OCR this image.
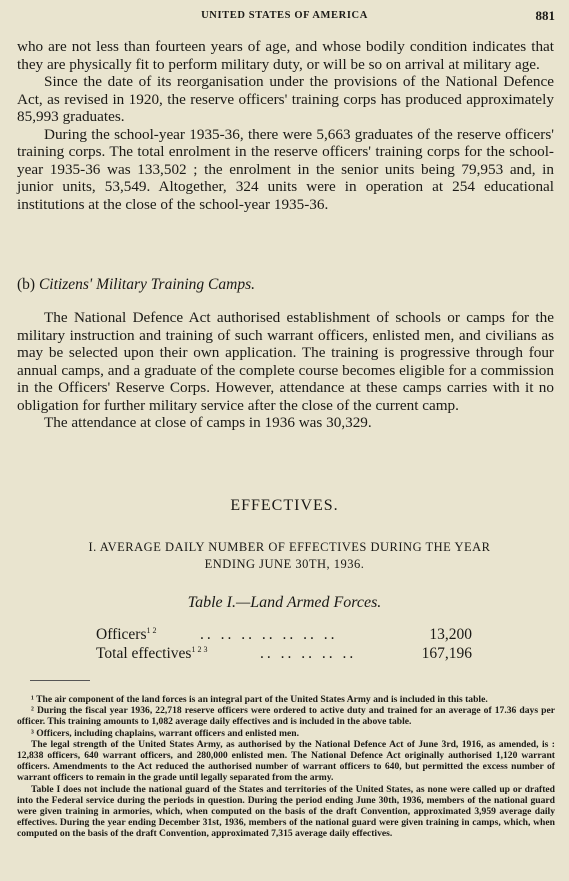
UNITED STATES OF AMERICA	881

who are not less than fourteen years of age, and whose bodily condition indicates that they are physically fit to perform military duty, or will be so on arrival at military age.

Since the date of its reorganisation under the provisions of the National Defence Act, as revised in 1920, the reserve officers' training corps has produced approximately 85,993 graduates.

During the school-year 1935-36, there were 5,663 graduates of the reserve officers' training corps. The total enrolment in the reserve officers' training corps for the school-year 1935-36 was 133,502 ; the enrolment in the senior units being 79,953 and, in junior units, 53,549. Altogether, 324 units were in operation at 254 educational institutions at the close of the school-year 1935-36.

(b) Citizens' Military Training Camps.

The National Defence Act authorised establishment of schools or camps for the military instruction and training of such warrant officers, enlisted men, and civilians as may be selected upon their own application. The training is progressive through four annual camps, and a graduate of the complete course becomes eligible for a commission in the Officers' Reserve Corps. However, attendance at these camps carries with it no obligation for further military service after the close of the current camp.

The attendance at close of camps in 1936 was 30,329.

EFFECTIVES.
I. AVERAGE DAILY NUMBER OF EFFECTIVES DURING THE YEAR
ENDING JUNE 30TH, 1936.
Table I.—Land Armed Forces.
Officers$^{1 2}$	.. .. .. .. .. .. ..	13,200
Total effectives$^{1 2 3}$	.. .. .. .. ..	167,196

¹ The air component of the land forces is an integral part of the United States Army and is included in this table.

² During the fiscal year 1936, 22,718 reserve officers were ordered to active duty and trained for an average of 17.36 days per officer. This training amounts to 1,082 average daily effectives and is included in the above table.

³ Officers, including chaplains, warrant officers and enlisted men.

The legal strength of the United States Army, as authorised by the National Defence Act of June 3rd, 1916, as amended, is : 12,838 officers, 640 warrant officers, and 280,000 enlisted men. The National Defence Act originally authorised 1,120 warrant officers. Amendments to the Act reduced the authorised number of warrant officers to 640, but permitted the excess number of warrant officers to remain in the grade until legally separated from the army.

Table I does not include the national guard of the States and territories of the United States, as none were called up or drafted into the Federal service during the periods in question. During the period ending June 30th, 1936, members of the national guard were given training in armories, which, when computed on the basis of the draft Convention, approximated 3,959 average daily effectives. During the year ending December 31st, 1936, members of the national guard were given training in camps, which, when computed on the basis of the draft Convention, approximated 7,315 average daily effectives.
